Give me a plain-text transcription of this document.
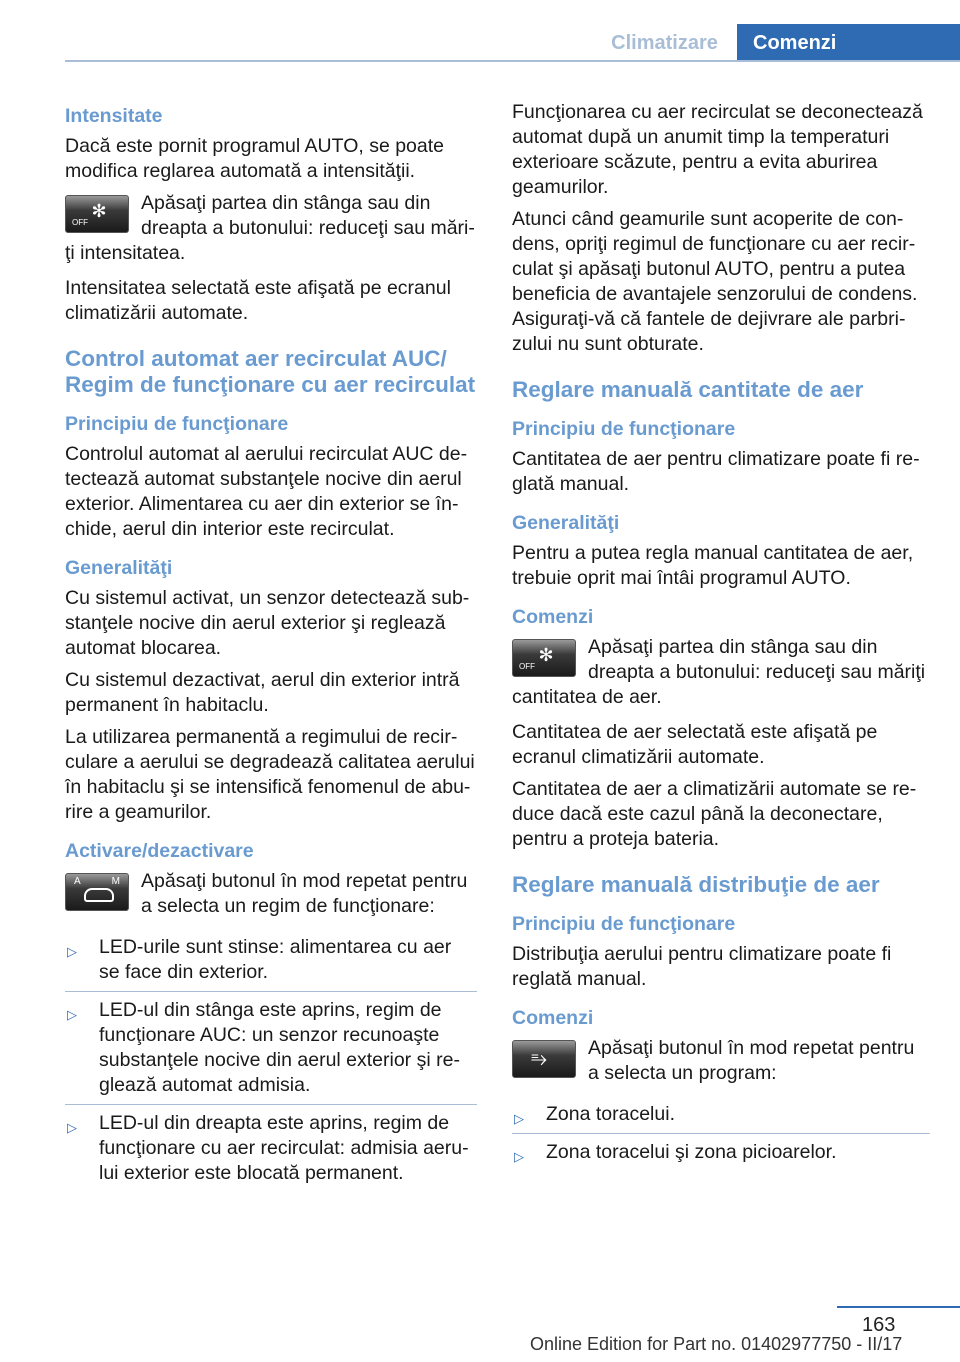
Climatizare	Comenzi
Intensitate
Dacă este pornit programul AUTO, se poate modifica reglarea automată a intensităţii.
✻
OFF
Apăsaţi partea din stânga sau din dreapta a butonului: reduceţi sau măriţi intensitatea.
Intensitatea selectată este afişată pe ecranul climatizării automate.
Control automat aer recirculat AUC/ Regim de funcţionare cu aer recirculat
Principiu de funcţionare
Controlul automat al aerului recirculat AUC detectează automat substanţele nocive din aerul exterior. Alimentarea cu aer din exterior se închide, aerul din interior este recirculat.
Generalităţi
Cu sistemul activat, un senzor detectează substanţele nocive din aerul exterior şi reglează automat blocarea.
Cu sistemul dezactivat, aerul din exterior intră permanent în habitaclu.
La utilizarea permanentă a regimului de recirculare a aerului se degradează calitatea aerului în habitaclu şi se intensifică fenomenul de aburire a geamurilor.
Activare/dezactivare
A	M	Apăsaţi butonul în mod repetat pentru a selecta un regim de funcţionare:
▷ LED-urile sunt stinse: alimentarea cu aer se face din exterior.
▷ LED-ul din stânga este aprins, regim de funcţionare AUC: un senzor recunoaşte substanţele nocive din aerul exterior şi reglează automat admisia.
▷ LED-ul din dreapta este aprins, regim de funcţionare cu aer recirculat: admisia aerului exterior este blocată permanent.
Funcţionarea cu aer recirculat se deconectează automat după un anumit timp la temperaturi exterioare scăzute, pentru a evita aburirea geamurilor.
Atunci când geamurile sunt acoperite de condens, opriţi regimul de funcţionare cu aer recirculat şi apăsaţi butonul AUTO, pentru a putea beneficia de avantajele senzorului de condens. Asiguraţi-vă că fantele de dejivrare ale parbrizului nu sunt obturate.
Reglare manuală cantitate de aer
Principiu de funcţionare
Cantitatea de aer pentru climatizare poate fi reglată manual.
Generalităţi
Pentru a putea regla manual cantitatea de aer, trebuie oprit mai întâi programul AUTO.
Comenzi
✻
OFF
Apăsaţi partea din stânga sau din dreapta a butonului: reduceţi sau măriţi cantitatea de aer.
Cantitatea de aer selectată este afişată pe ecranul climatizării automate.
Cantitatea de aer a climatizării automate se reduce dacă este cazul până la deconectare, pentru a proteja bateria.
Reglare manuală distribuţie de aer
Principiu de funcţionare
Distribuţia aerului pentru climatizare poate fi reglată manual.
Comenzi
⥱	Apăsaţi butonul în mod repetat pentru a selecta un program:
▷ Zona toracelui.
▷ Zona toracelui şi zona picioarelor.
163
Online Edition for Part no. 01402977750 - II/17
